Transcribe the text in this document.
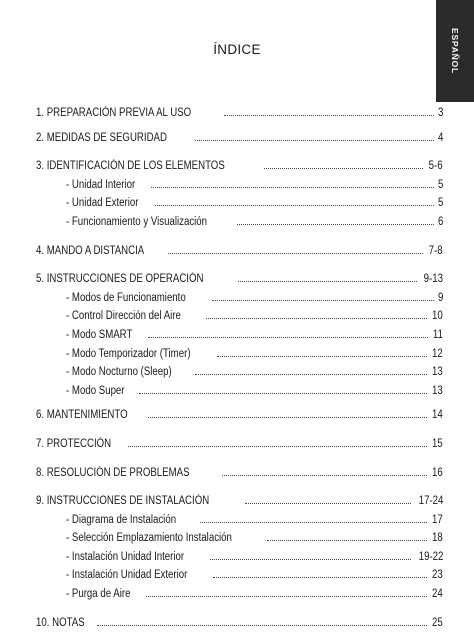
ESPAÑOL
ÍNDICE
1. PREPARACIÓN PREVIA AL USO	3
2. MEDIDAS DE SEGURIDAD	4
3. IDENTIFICACIÓN DE LOS ELEMENTOS	5-6
- Unidad Interior	5
- Unidad Exterior	5
- Funcionamiento y Visualización	6
4. MANDO A DISTANCIA	7-8
5. INSTRUCCIONES DE OPERACIÓN	9-13
- Modos de Funcionamiento	9
- Control Dirección del Aire	10
- Modo SMART	11
- Modo Temporizador (Timer)	12
- Modo Nocturno (Sleep)	13
- Modo Super	13
6. MANTENIMIENTO	14
7. PROTECCIÓN	15
8. RESOLUCIÓN DE PROBLEMAS	16
9. INSTRUCCIONES DE INSTALACIÓN	17-24
- Diagrama de Instalación	17
- Selección Emplazamiento Instalación	18
- Instalación Unidad Interior	19-22
- Instalación Unidad Exterior	23
- Purga de Aire	24
10. NOTAS	25
